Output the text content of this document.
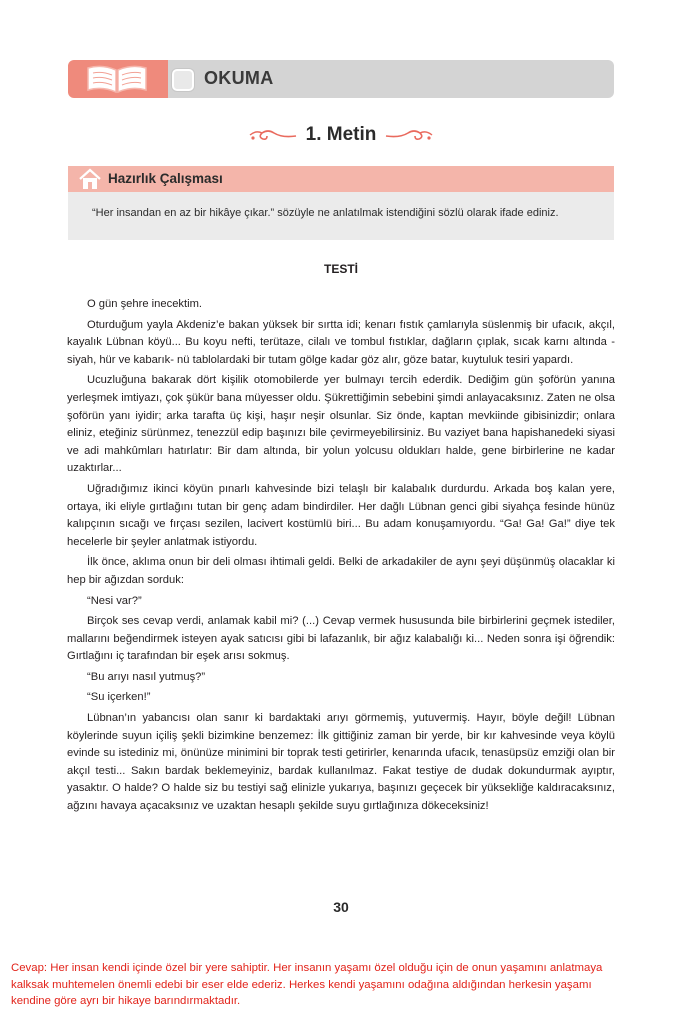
OKUMA
1. Metin
Hazırlık Çalışması
“Her insandan en az bir hikâye çıkar.” sözüyle ne anlatılmak istendiğini sözlü olarak ifade ediniz.
TESTİ

O gün şehre inecektim.

Oturduğum yayla Akdeniz’e bakan yüksek bir sırtta idi; kenarı fıstık çamlarıyla süslenmiş bir ufacık, akçıl, kayalık Lübnan köyü... Bu koyu nefti, terütaze, cilalı ve tombul fıstıklar, dağların çıplak, sıcak karnı altında -siyah, hür ve kabarık- nü tablolardaki bir tutam gölge kadar göz alır, göze batar, kuytuluk tesiri yapardı.

Ucuzluğuna bakarak dört kişilik otomobilerde yer bulmayı tercih ederdik. Dediğim gün şoförün yanına yerleşmek imtiyazı, çok şükür bana müyesser oldu. Şükrettiğimin sebebini şimdi anlayacaksınız. Zaten ne olsa şoförün yanı iyidir; arka tarafta üç kişi, haşır neşir olsunlar. Siz önde, kaptan mevkiinde gibisinizdir; onlara eliniz, eteğiniz sürünmez, tenezzül edip başınızı bile çevirmeyebilirsiniz. Bu vaziyet bana hapishanedeki siyasi ve adi mahkûmları hatırlatır: Bir dam altında, bir yolun yolcusu oldukları halde, gene birbirlerine ne kadar uzaktırlar...

Uğradığımız ikinci köyün pınarlı kahvesinde bizi telaşlı bir kalabalık durdurdu. Arkada boş kalan yere, ortaya, iki eliyle gırtlağını tutan bir genç adam bindirdiler. Her dağlı Lübnan genci gibi siyahça fesinde hünüz kalıpçının sıcağı ve fırçası sezilen, lacivert kostümlü biri... Bu adam konuşamıyordu. “Ga! Ga! Ga!” diye tek hecelerle bir şeyler anlatmak istiyordu.

İlk önce, aklıma onun bir deli olması ihtimali geldi. Belki de arkadakiler de aynı şeyi düşünmüş olacaklar ki hep bir ağızdan sorduk:

“Nesi var?”

Birçok ses cevap verdi, anlamak kabil mi? (...) Cevap vermek hususunda bile birbirlerini geçmek istediler, mallarını beğendirmek isteyen ayak satıcısı gibi bi lafazanlık, bir ağız kalabalığı ki... Neden sonra işi öğrendik: Gırtlağını iç tarafından bir eşek arısı sokmuş.

“Bu arıyı nasıl yutmuş?”

“Su içerken!”

Lübnan’ın yabancısı olan sanır ki bardaktaki arıyı görmemiş, yutuvermiş. Hayır, böyle değil! Lübnan köylerinde suyun içiliş şekli bizimkine benzemez: İlk gittiğiniz zaman bir yerde, bir kır kahvesinde veya köylü evinde su istediniz mi, önünüze minimini bir toprak testi getirirler, kenarında ufacık, tenasüpsüz emziği olan bir akçıl testi... Sakın bardak beklemeyiniz, bardak kullanılmaz. Fakat testiye de dudak dokundurmak ayıptır, yasaktır. O halde? O halde siz bu testiyi sağ elinizle yukarıya, başınızı geçecek bir yüksekliğe kaldıracaksınız, ağzını havaya açacaksınız ve uzaktan hesaplı şekilde suyu gırtlağınıza dökeceksiniz!

30
Cevap: Her insan kendi içinde özel bir yere sahiptir. Her insanın yaşamı özel olduğu için de onun yaşamını anlatmaya kalksak muhtemelen önemli edebi bir eser elde ederiz. Herkes kendi yaşamını odağına aldığından herkesin yaşamı kendine göre ayrı bir hikaye barındırmaktadır.
